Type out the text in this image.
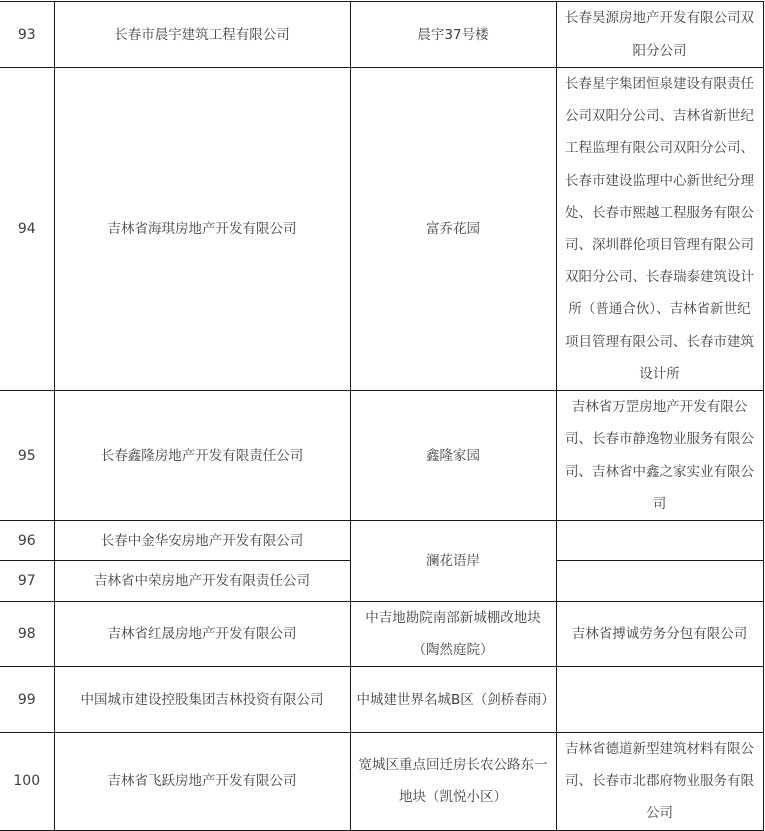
93	长春市晨宇建筑工程有限公司	晨宇37号楼	长春昊源房地产开发有限公司双阳分公司
94	吉林省海琪房地产开发有限公司	富乔花园	长春星宇集团恒泉建设有限责任公司双阳分公司、吉林省新世纪工程监理有限公司双阳分公司、长春市建设监理中心新世纪分理处、长春市熙越工程服务有限公司、深圳群伦项目管理有限公司双阳分公司、长春瑞泰建筑设计所（普通合伙）、吉林省新世纪项目管理有限公司、长春市建筑设计所
95	长春鑫隆房地产开发有限责任公司	鑫隆家园	吉林省万罡房地产开发有限公司、长春市静逸物业服务有限公司、吉林省中鑫之家实业有限公司
96	长春中金华安房地产开发有限公司	澜花语岸	
97	吉林省中荣房地产开发有限责任公司		
98	吉林省红晟房地产开发有限公司	中吉地勘院南部新城棚改地块（陶然庭院）	吉林省搏诚劳务分包有限公司
99	中国城市建设控股集团吉林投资有限公司	中城建世界名城B区（剑桥春雨）	
100	吉林省飞跃房地产开发有限公司	宽城区重点回迁房长农公路东一地块（凯悦小区）	吉林省德道新型建筑材料有限公司、长春市北郡府物业服务有限公司
